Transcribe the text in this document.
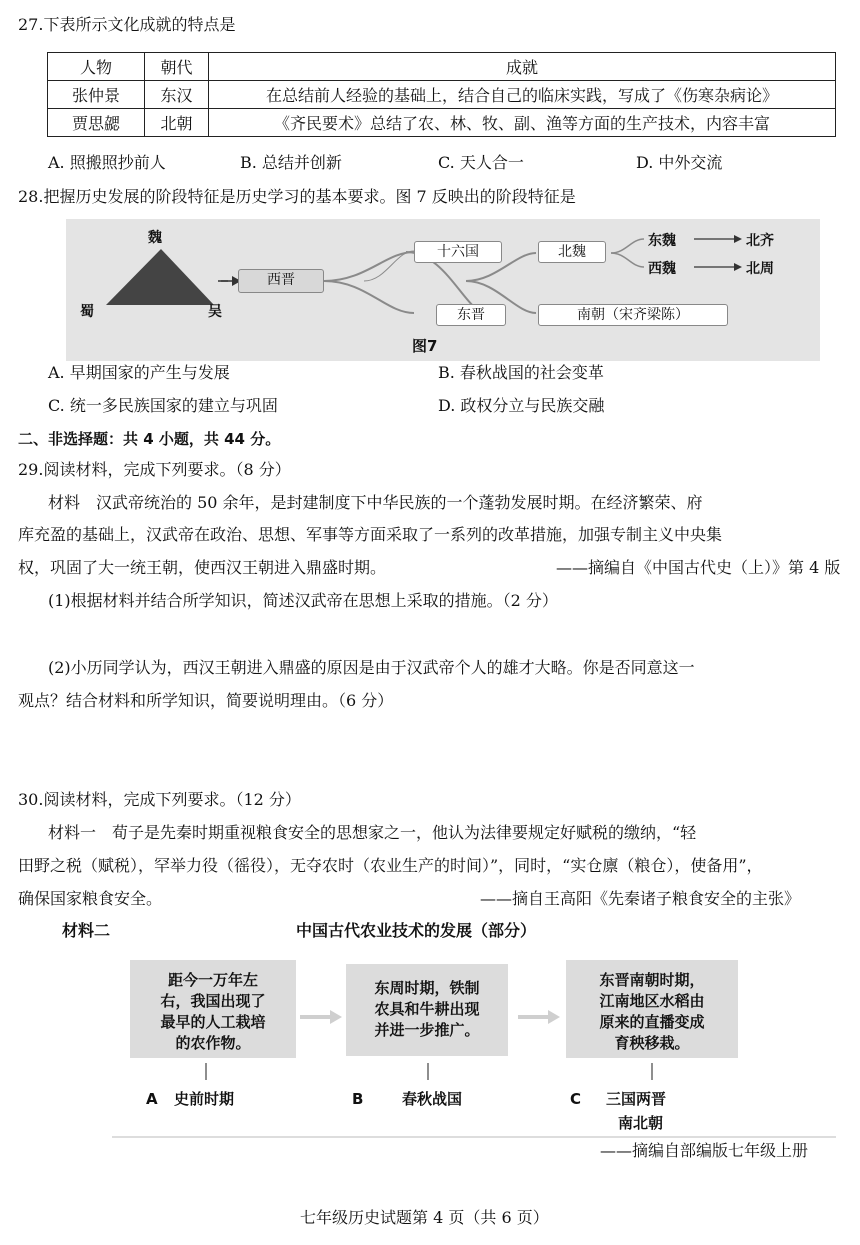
27.下表所示文化成就的特点是
人物	朝代	成就
张仲景	东汉	在总结前人经验的基础上，结合自己的临床实践，写成了《伤寒杂病论》
贾思勰	北朝	《齐民要术》总结了农、林、牧、副、渔等方面的生产技术，内容丰富
A. 照搬照抄前人	B. 总结并创新	C. 天人合一	D. 中外交流
28.把握历史发展的阶段特征是历史学习的基本要求。图 7 反映出的阶段特征是
魏
蜀	吴
西晋
十六国
东晋
北魏
南朝（宋齐梁陈）
东魏	北齐
西魏	北周
图7
A. 早期国家的产生与发展	B. 春秋战国的社会变革
C. 统一多民族国家的建立与巩固	D. 政权分立与民族交融
二、非选择题：共 4 小题，共 44 分。
29.阅读材料，完成下列要求。（8 分）
材料　汉武帝统治的 50 余年，是封建制度下中华民族的一个蓬勃发展时期。在经济繁荣、府
库充盈的基础上，汉武帝在政治、思想、军事等方面采取了一系列的改革措施，加强专制主义中央集
权，巩固了大一统王朝，使西汉王朝进入鼎盛时期。	——摘编自《中国古代史（上）》第 4 版
(1)根据材料并结合所学知识，简述汉武帝在思想上采取的措施。（2 分）
(2)小历同学认为，西汉王朝进入鼎盛的原因是由于汉武帝个人的雄才大略。你是否同意这一
观点？结合材料和所学知识，简要说明理由。（6 分）
30.阅读材料，完成下列要求。（12 分）
材料一　荀子是先秦时期重视粮食安全的思想家之一，他认为法律要规定好赋税的缴纳，“轻
田野之税（赋税），罕举力役（徭役），无夺农时（农业生产的时间）”，同时，“实仓廪（粮仓），使备用”，
确保国家粮食安全。	——摘自王高阳《先秦诸子粮食安全的主张》
材料二	中国古代农业技术的发展（部分）
距今一万年左
右，我国出现了
最早的人工栽培
的农作物。
东周时期，铁制
农具和牛耕出现
并进一步推广。
东晋南朝时期，
江南地区水稻由
原来的直播变成
育秧移栽。
A 史前时期	B	春秋战国	C 三国两晋
南北朝
——摘编自部编版七年级上册
七年级历史试题第 4 页（共 6 页）
